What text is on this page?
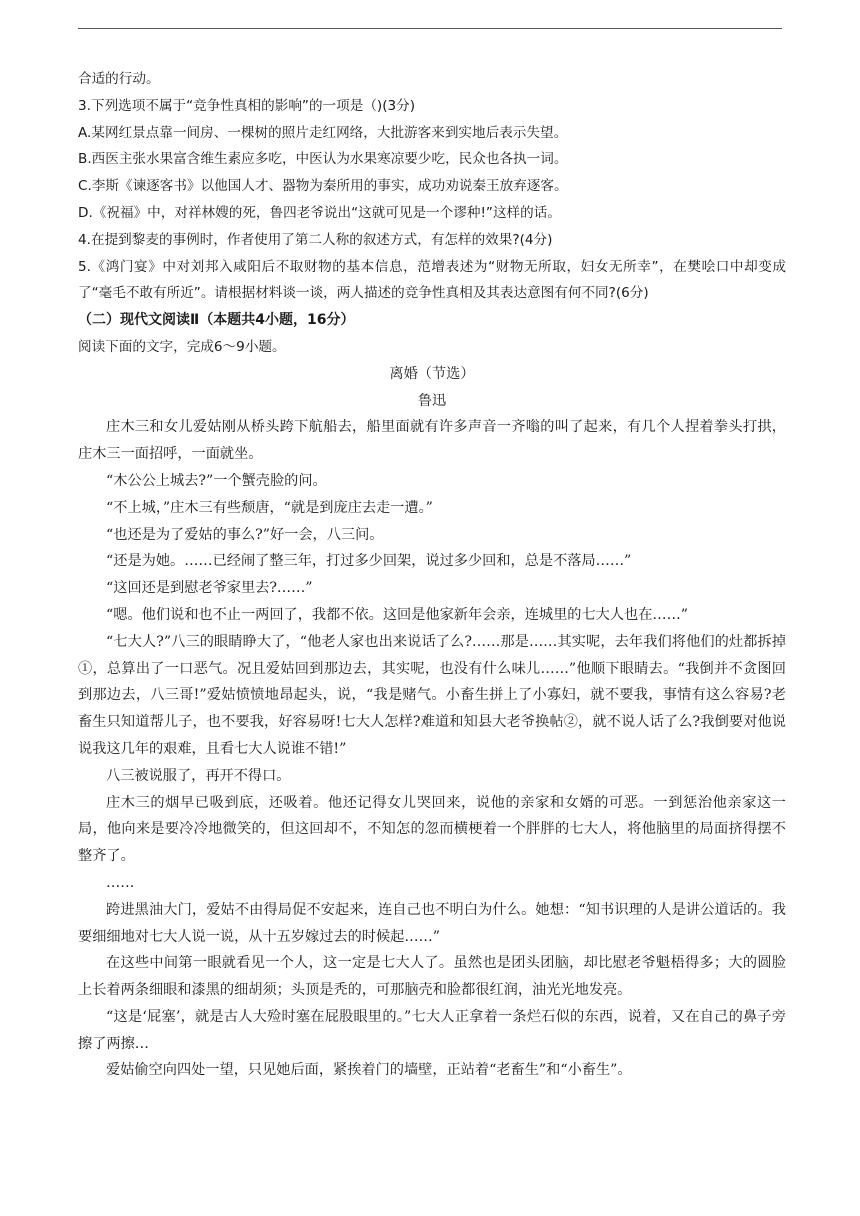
合适的行动。
3.下列选项不属于“竞争性真相的影响”的一项是（)(3分)
A.某网红景点靠一间房、一棵树的照片走红网络，大批游客来到实地后表示失望。
B.西医主张水果富含维生素应多吃，中医认为水果寒凉要少吃，民众也各执一词。
C.李斯《谏逐客书》以他国人才、器物为秦所用的事实，成功劝说秦王放弃逐客。
D.《祝福》中，对祥林嫂的死，鲁四老爷说出“这就可见是一个谬种!”这样的话。
4.在提到黎麦的事例时，作者使用了第二人称的叙述方式，有怎样的效果?(4分)
5.《鸿门宴》中对刘邦入咸阳后不取财物的基本信息，范增表述为“财物无所取，妇女无所幸”，在樊哙口中却变成了“毫毛不敢有所近”。请根据材料谈一谈，两人描述的竞争性真相及其表达意图有何不同?(6分)
（二）现代文阅读Ⅱ（本题共4小题，16分）
阅读下面的文字，完成6～9小题。
离婚（节选）
鲁迅
庄木三和女儿爱姑刚从桥头跨下航船去，船里面就有许多声音一齐嗡的叫了起来，有几个人捏着拳头打拱，庄木三一面招呼，一面就坐。
“木公公上城去?”一个蟹壳脸的问。
“不上城，”庄木三有些颓唐，“就是到庞庄去走一遭。”
“也还是为了爱姑的事么?”好一会，八三问。
“还是为她。……已经闹了整三年，打过多少回架，说过多少回和，总是不落局……”
“这回还是到慰老爷家里去?……”
“嗯。他们说和也不止一两回了，我都不依。这回是他家新年会亲，连城里的七大人也在……”
“七大人?”八三的眼睛睁大了，“他老人家也出来说话了么?……那是……其实呢，去年我们将他们的灶都拆掉①，总算出了一口恶气。况且爱姑回到那边去，其实呢，也没有什么味儿……”他顺下眼睛去。“我倒并不贪图回到那边去，八三哥!”爱姑愤愤地昂起头，说，“我是赌气。小畜生拼上了小寡妇，就不要我，事情有这么容易?老畜生只知道帮儿子，也不要我，好容易呀!七大人怎样?难道和知县大老爷换帖②，就不说人话了么?我倒要对他说说我这几年的艰难，且看七大人说谁不错!”
八三被说服了，再开不得口。
庄木三的烟早已吸到底，还吸着。他还记得女儿哭回来，说他的亲家和女婿的可恶。一到惩治他亲家这一局，他向来是要冷冷地微笑的，但这回却不，不知怎的忽而横梗着一个胖胖的七大人，将他脑里的局面挤得摆不整齐了。
……
跨进黑油大门，爱姑不由得局促不安起来，连自己也不明白为什么。她想：“知书识理的人是讲公道话的。我要细细地对七大人说一说，从十五岁嫁过去的时候起……”
在这些中间第一眼就看见一个人，这一定是七大人了。虽然也是团头团脑，却比慰老爷魁梧得多；大的圆脸上长着两条细眼和漆黑的细胡须；头顶是秃的，可那脑壳和脸都很红润，油光光地发亮。
“这是‘屁塞’，就是古人大殓时塞在屁股眼里的。”七大人正拿着一条烂石似的东西，说着，又在自己的鼻子旁擦了两擦…
爱姑偷空向四处一望，只见她后面，紧挨着门的墙壁，正站着“老畜生”和“小畜生”。
